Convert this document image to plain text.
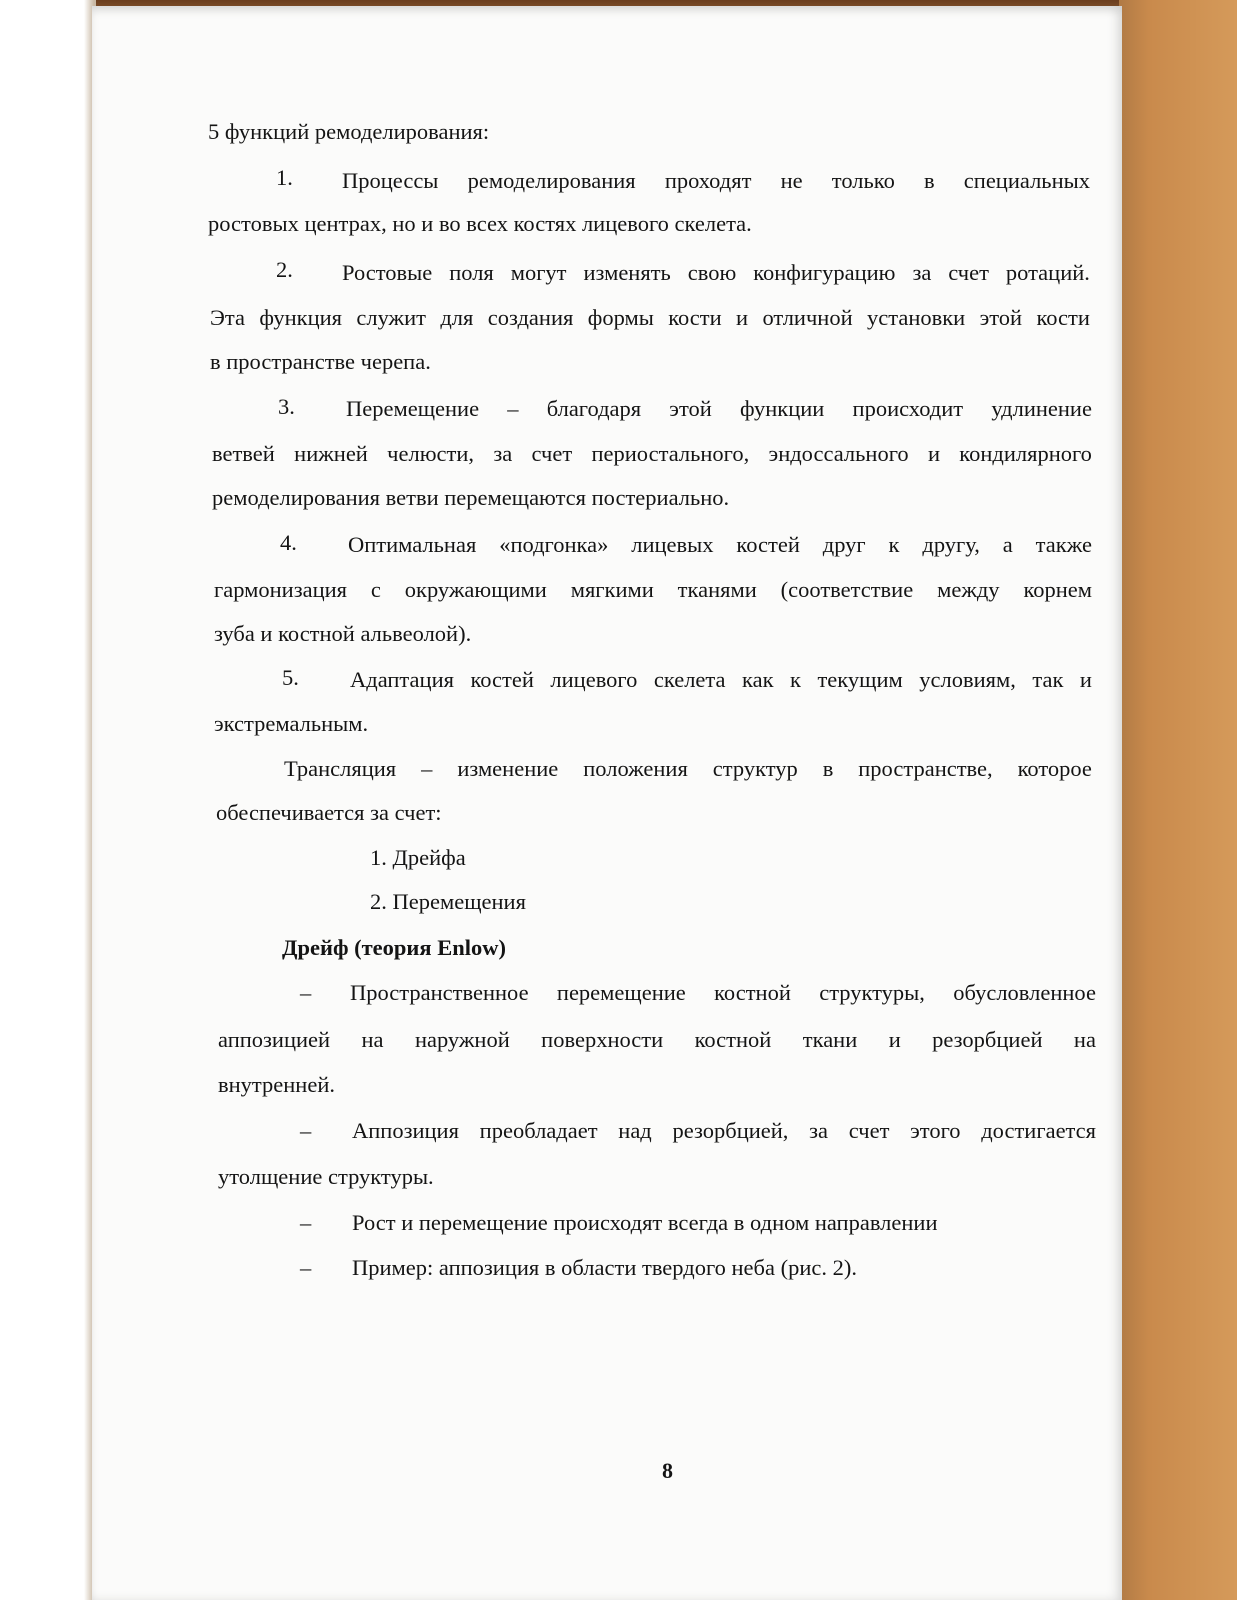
5 функций ремоделирования:
1. Процессы ремоделирования проходят не только в специальных
ростовых центрах, но и во всех костях лицевого скелета.
2. Ростовые поля могут изменять свою конфигурацию за счет ротаций.
Эта функция служит для создания формы кости и отличной установки этой кости
в пространстве черепа.
3. Перемещение – благодаря этой функции происходит удлинение
ветвей нижней челюсти, за счет периостального, эндоссального и кондилярного
ремоделирования ветви перемещаются постериально.
4. Оптимальная «подгонка» лицевых костей друг к другу, а также
гармонизация с окружающими мягкими тканями (соответствие между корнем
зуба и костной альвеолой).
5. Адаптация костей лицевого скелета как к текущим условиям, так и
экстремальным.
Трансляция – изменение положения структур в пространстве, которое
обеспечивается за счет:
1. Дрейфа
2. Перемещения
Дрейф (теория Enlow)
– Пространственное перемещение костной структуры, обусловленное
аппозицией на наружной поверхности костной ткани и резорбцией на
внутренней.
– Аппозиция преобладает над резорбцией, за счет этого достигается
утолщение структуры.
– Рост и перемещение происходят всегда в одном направлении
– Пример: аппозиция в области твердого неба (рис. 2).
8
